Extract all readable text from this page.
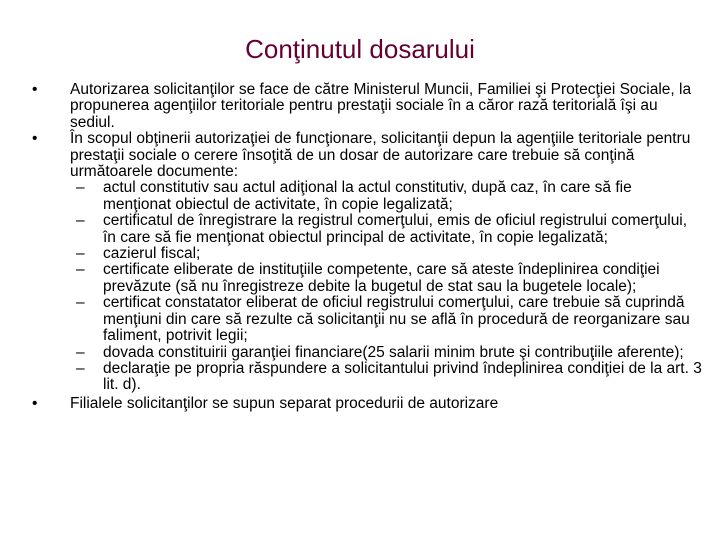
Conţinutul dosarului
• Autorizarea solicitanţilor se face de către Ministerul Muncii, Familiei şi Protecţiei Sociale, la propunerea agenţiilor teritoriale pentru prestaţii sociale în a căror rază teritorială îşi au sediul.
• În scopul obţinerii autorizaţiei de funcţionare, solicitanţii depun la agenţiile teritoriale pentru prestaţii sociale o cerere însoţită de un dosar de autorizare care trebuie să conţină următoarele documente:
– actul constitutiv sau actul adiţional la actul constitutiv, după caz, în care să fie menţionat obiectul de activitate, în copie legalizată;
– certificatul de înregistrare la registrul comerţului, emis de oficiul registrului comerţului, în care să fie menţionat obiectul principal de activitate, în copie legalizată;
– cazierul fiscal;
– certificate eliberate de instituţiile competente, care să ateste îndeplinirea condiţiei prevăzute (să nu înregistreze debite la bugetul de stat sau la bugetele locale);
– certificat constatator eliberat de oficiul registrului comerţului, care trebuie să cuprindă menţiuni din care să rezulte că solicitanţii nu se află în procedură de reorganizare sau faliment, potrivit legii;
– dovada constituirii garanţiei financiare(25 salarii minim brute şi contribuţiile aferente);
– declaraţie pe propria răspundere a solicitantului privind îndeplinirea condiţiei de la art. 3 lit. d).
• Filialele solicitanţilor se supun separat procedurii de autorizare
